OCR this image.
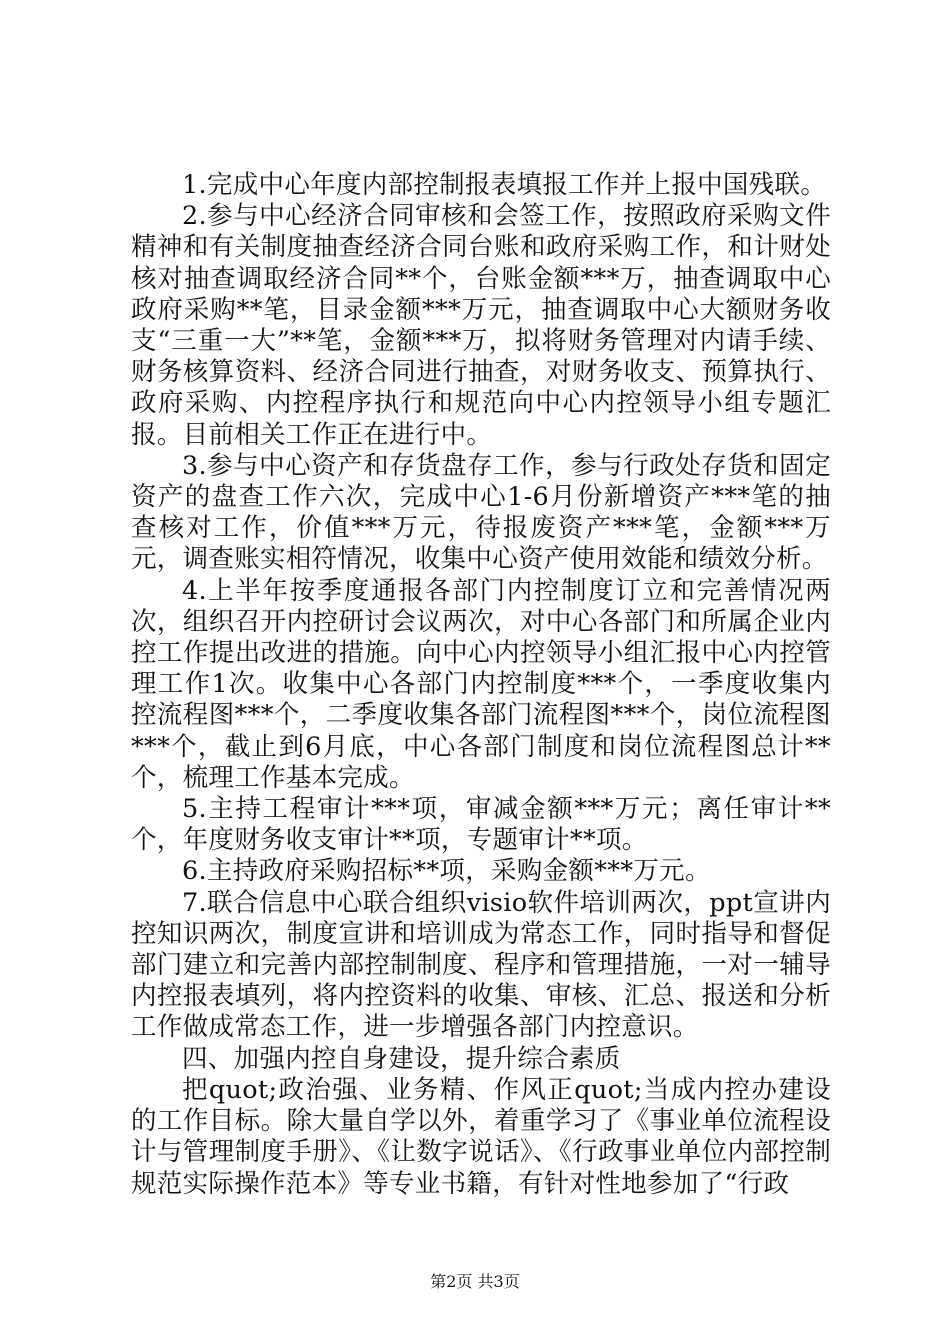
1.完成中心年度内部控制报表填报工作并上报中国残联。

2.参与中心经济合同审核和会签工作，按照政府采购文件精神和有关制度抽查经济合同台账和政府采购工作，和计财处核对抽查调取经济合同**个，台账金额***万，抽查调取中心政府采购**笔，目录金额***万元，抽查调取中心大额财务收支“三重一大”**笔，金额***万，拟将财务管理对内请手续、财务核算资料、经济合同进行抽查，对财务收支、预算执行、政府采购、内控程序执行和规范向中心内控领导小组专题汇报。目前相关工作正在进行中。

3.参与中心资产和存货盘存工作，参与行政处存货和固定资产的盘查工作六次，完成中心1-6月份新增资产***笔的抽查核对工作，价值***万元，待报废资产***笔，金额***万元，调查账实相符情况，收集中心资产使用效能和绩效分析。

4.上半年按季度通报各部门内控制度订立和完善情况两次，组织召开内控研讨会议两次，对中心各部门和所属企业内控工作提出改进的措施。向中心内控领导小组汇报中心内控管理工作1次。收集中心各部门内控制度***个，一季度收集内控流程图***个，二季度收集各部门流程图***个，岗位流程图***个，截止到6月底，中心各部门制度和岗位流程图总计**个，梳理工作基本完成。

5.主持工程审计***项，审减金额***万元；离任审计**个，年度财务收支审计**项，专题审计**项。

6.主持政府采购招标**项，采购金额***万元。

7.联合信息中心联合组织visio软件培训两次，ppt宣讲内控知识两次，制度宣讲和培训成为常态工作，同时指导和督促部门建立和完善内部控制制度、程序和管理措施，一对一辅导内控报表填列，将内控资料的收集、审核、汇总、报送和分析工作做成常态工作，进一步增强各部门内控意识。

四、加强内控自身建设，提升综合素质

把quot;政治强、业务精、作风正quot;当成内控办建设的工作目标。除大量自学以外，着重学习了《事业单位流程设计与管理制度手册》、《让数字说话》、《行政事业单位内部控制规范实际操作范本》等专业书籍，有针对性地参加了“行政

第2页 共3页
